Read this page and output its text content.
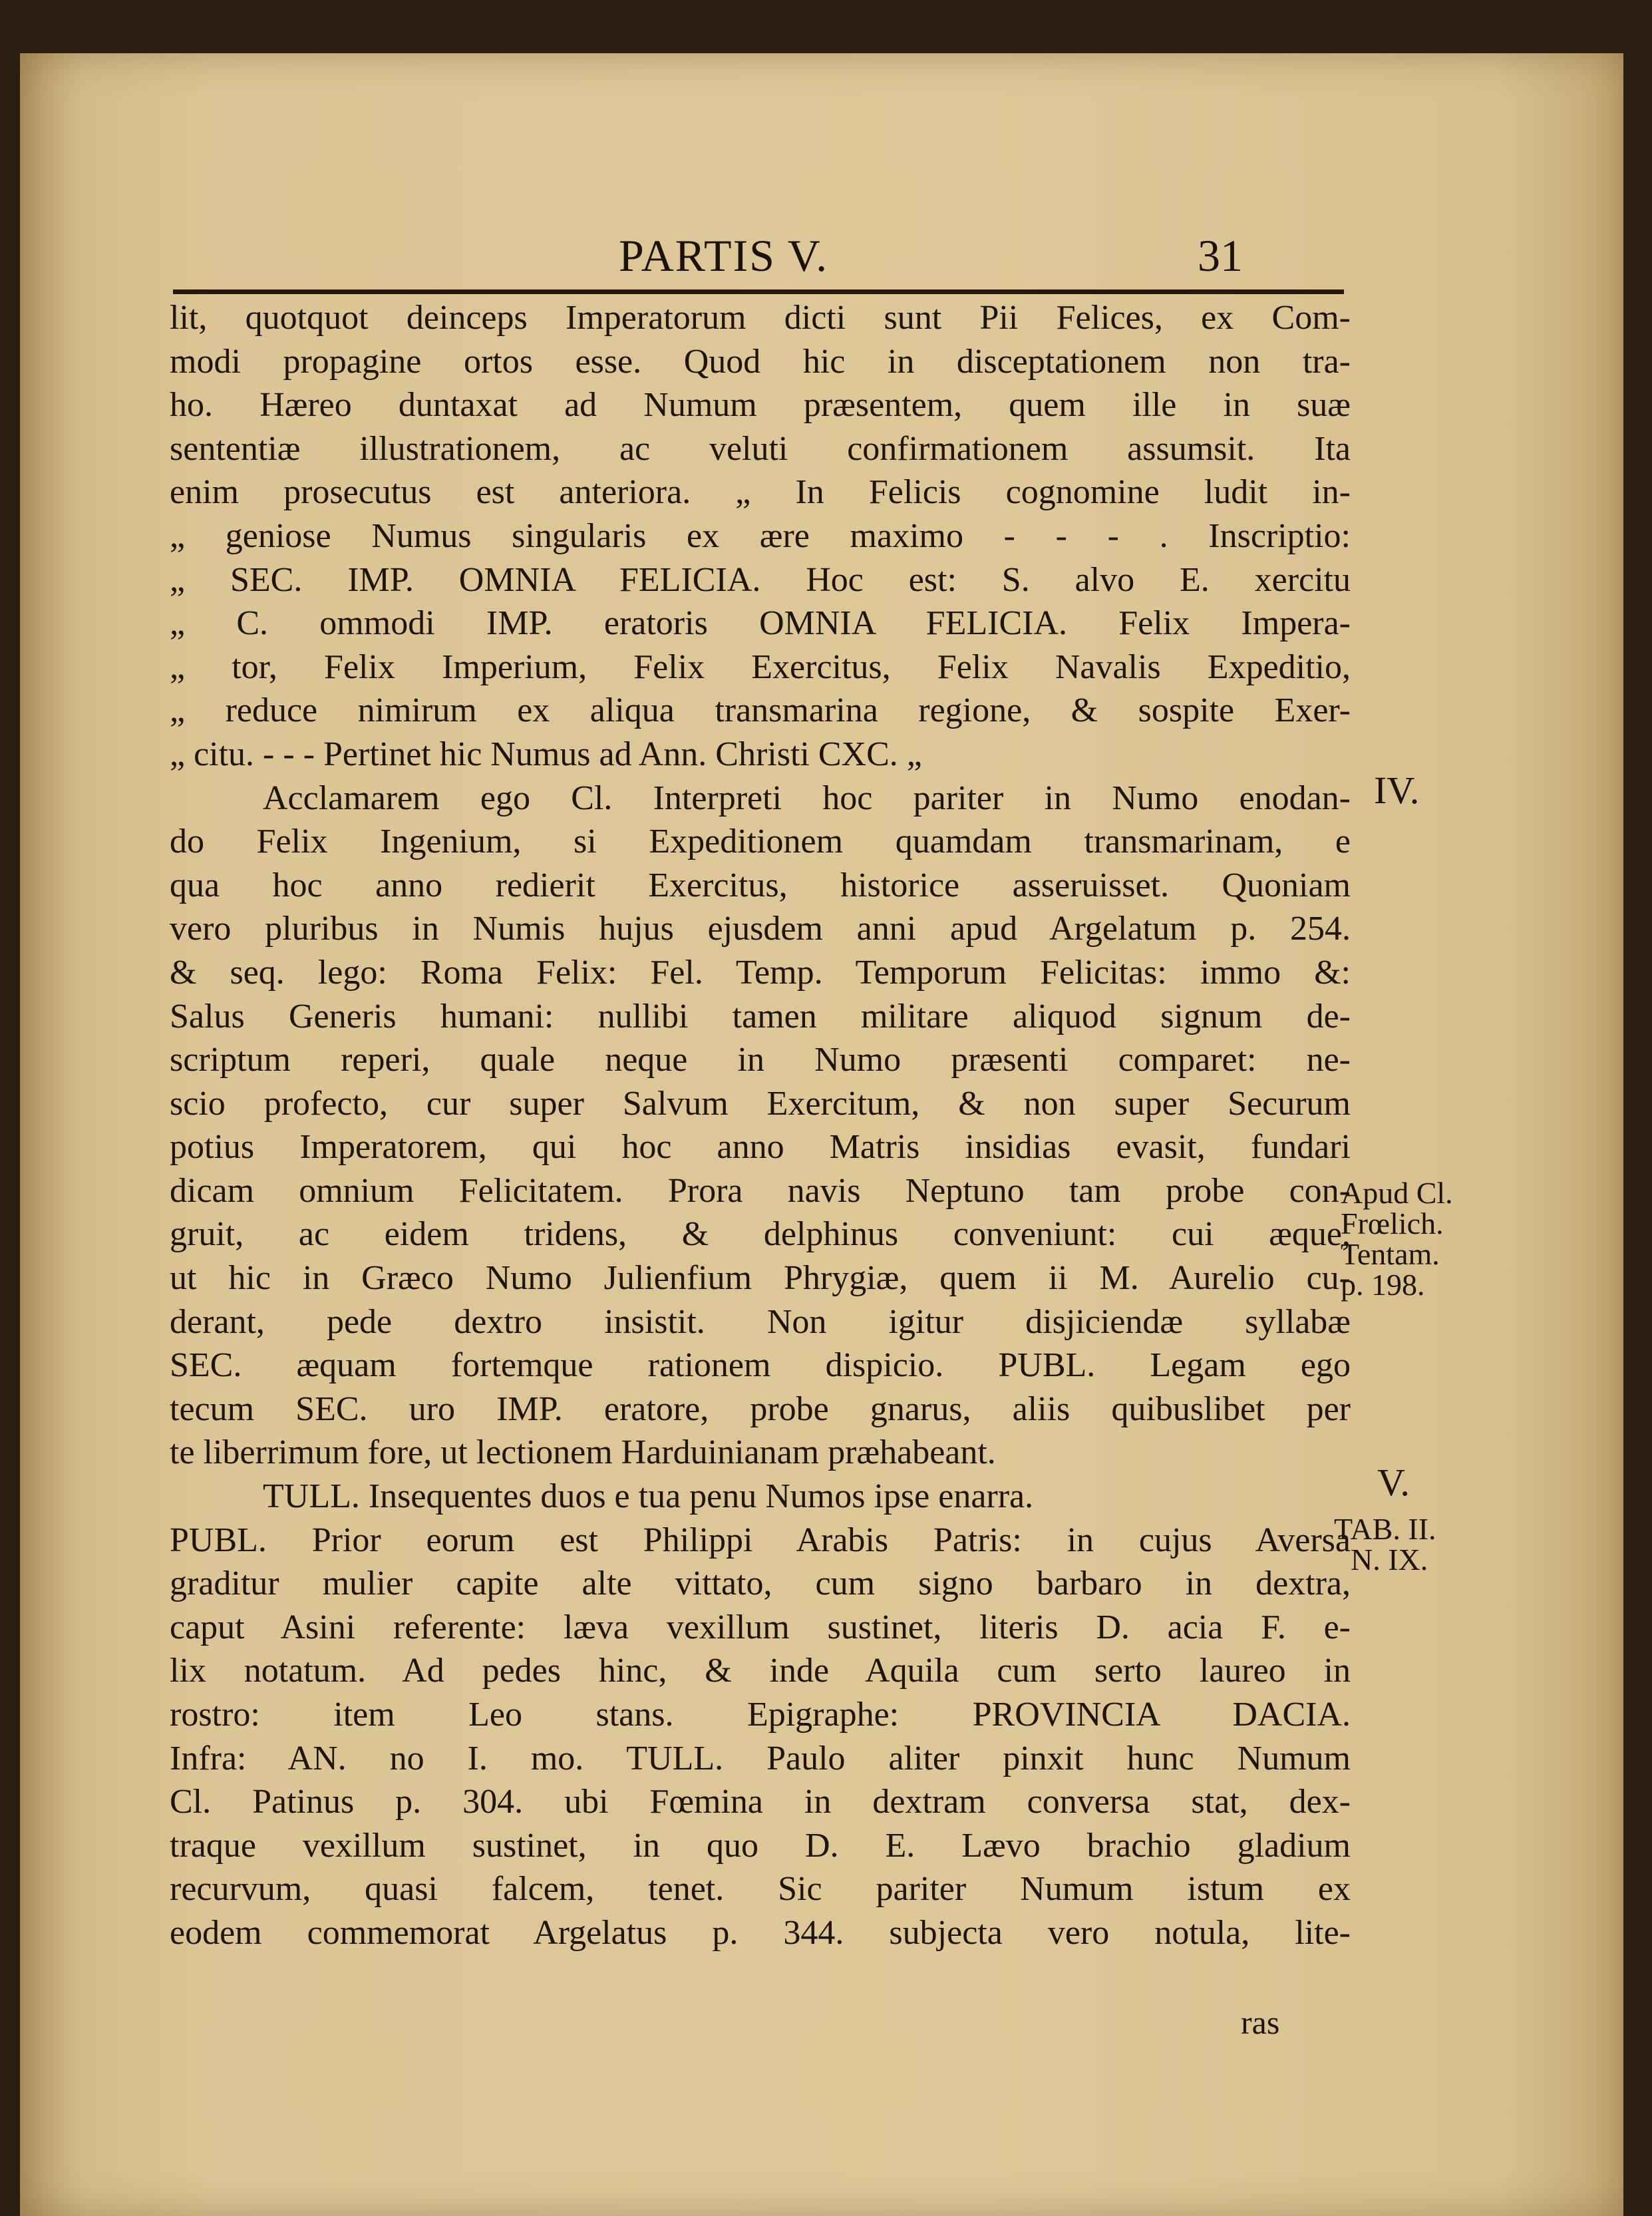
PARTIS V.	31
lit, quotquot deinceps Imperatorum dicti sunt Pii Felices, ex Com-
modi propagine ortos esse. Quod hic in disceptationem non tra-
ho. Hæreo duntaxat ad Numum præsentem, quem ille in suæ
sententiæ illustrationem, ac veluti confirmationem assumsit. Ita
enim prosecutus est anteriora. „ In Felicis cognomine ludit in-
„ geniose Numus singularis ex ære maximo - - - . Inscriptio:
„ SEC. IMP. OMNIA FELICIA. Hoc est: S. alvo E. xercitu
„ C. ommodi IMP. eratoris OMNIA FELICIA. Felix Impera-
„ tor, Felix Imperium, Felix Exercitus, Felix Navalis Expeditio,
„ reduce nimirum ex aliqua transmarina regione, & sospite Exer-
„ citu. - - - Pertinet hic Numus ad Ann. Christi CXC. „
Acclamarem ego Cl. Interpreti hoc pariter in Numo enodan-
do Felix Ingenium, si Expeditionem quamdam transmarinam, e
qua hoc anno redierit Exercitus, historice asseruisset. Quoniam
vero pluribus in Numis hujus ejusdem anni apud Argelatum p. 254.
& seq. lego: Roma Felix: Fel. Temp. Temporum Felicitas: immo &:
Salus Generis humani: nullibi tamen militare aliquod signum de-
scriptum reperi, quale neque in Numo præsenti comparet: ne-
scio profecto, cur super Salvum Exercitum, & non super Securum
potius Imperatorem, qui hoc anno Matris insidias evasit, fundari
dicam omnium Felicitatem. Prora navis Neptuno tam probe con-
gruit, ac eidem tridens, & delphinus conveniunt: cui æque,
ut hic in Græco Numo Julienfium Phrygiæ, quem ii M. Aurelio cu-
derant, pede dextro insistit. Non igitur disjiciendæ syllabæ
SEC. æquam fortemque rationem dispicio. PUBL. Legam ego
tecum SEC. uro IMP. eratore, probe gnarus, aliis quibuslibet per
te liberrimum fore, ut lectionem Harduinianam præhabeant.
TULL. Insequentes duos e tua penu Numos ipse enarra.
PUBL. Prior eorum est Philippi Arabis Patris: in cujus Aversa
graditur mulier capite alte vittato, cum signo barbaro in dextra,
caput Asini referente: læva vexillum sustinet, literis D. acia F. e-
lix notatum. Ad pedes hinc, & inde Aquila cum serto laureo in
rostro: item Leo stans. Epigraphe: PROVINCIA DACIA.
Infra: AN. no I. mo. TULL. Paulo aliter pinxit hunc Numum
Cl. Patinus p. 304. ubi Fœmina in dextram conversa stat, dex-
traque vexillum sustinet, in quo D. E. Lævo brachio gladium
recurvum, quasi falcem, tenet. Sic pariter Numum istum ex
eodem commemorat Argelatus p. 344. subjecta vero notula, lite-
ras
IV.
Apud Cl.
Frœlich.
Tentam.
p. 198.
V.
TAB. II.
N. IX.
